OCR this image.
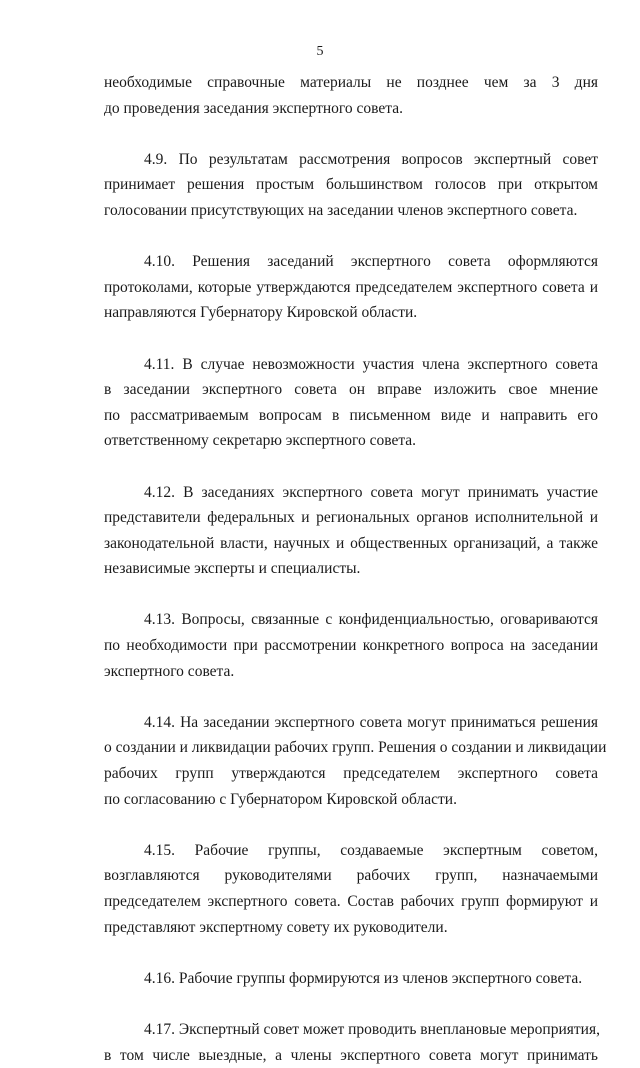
5
необходимые справочные материалы не позднее чем за 3 дня
до проведения заседания экспертного совета.
4.9. По результатам рассмотрения вопросов экспертный совет
принимает решения простым большинством голосов при открытом
голосовании присутствующих на заседании членов экспертного совета.
4.10. Решения заседаний экспертного совета оформляются
протоколами, которые утверждаются председателем экспертного совета и
направляются Губернатору Кировской области.
4.11. В случае невозможности участия члена экспертного совета
в заседании экспертного совета он вправе изложить свое мнение
по рассматриваемым вопросам в письменном виде и направить его
ответственному секретарю экспертного совета.
4.12. В заседаниях экспертного совета могут принимать участие
представители федеральных и региональных органов исполнительной и
законодательной власти, научных и общественных организаций, а также
независимые эксперты и специалисты.
4.13. Вопросы, связанные с конфиденциальностью, оговариваются
по необходимости при рассмотрении конкретного вопроса на заседании
экспертного совета.
4.14. На заседании экспертного совета могут приниматься решения
о создании и ликвидации рабочих групп. Решения о создании и ликвидации
рабочих групп утверждаются председателем экспертного совета
по согласованию с Губернатором Кировской области.
4.15. Рабочие группы, создаваемые экспертным советом,
возглавляются руководителями рабочих групп, назначаемыми
председателем экспертного совета. Состав рабочих групп формируют и
представляют экспертному совету их руководители.
4.16. Рабочие группы формируются из членов экспертного совета.
4.17. Экспертный совет может проводить внеплановые мероприятия,
в том числе выездные, а члены экспертного совета могут принимать
